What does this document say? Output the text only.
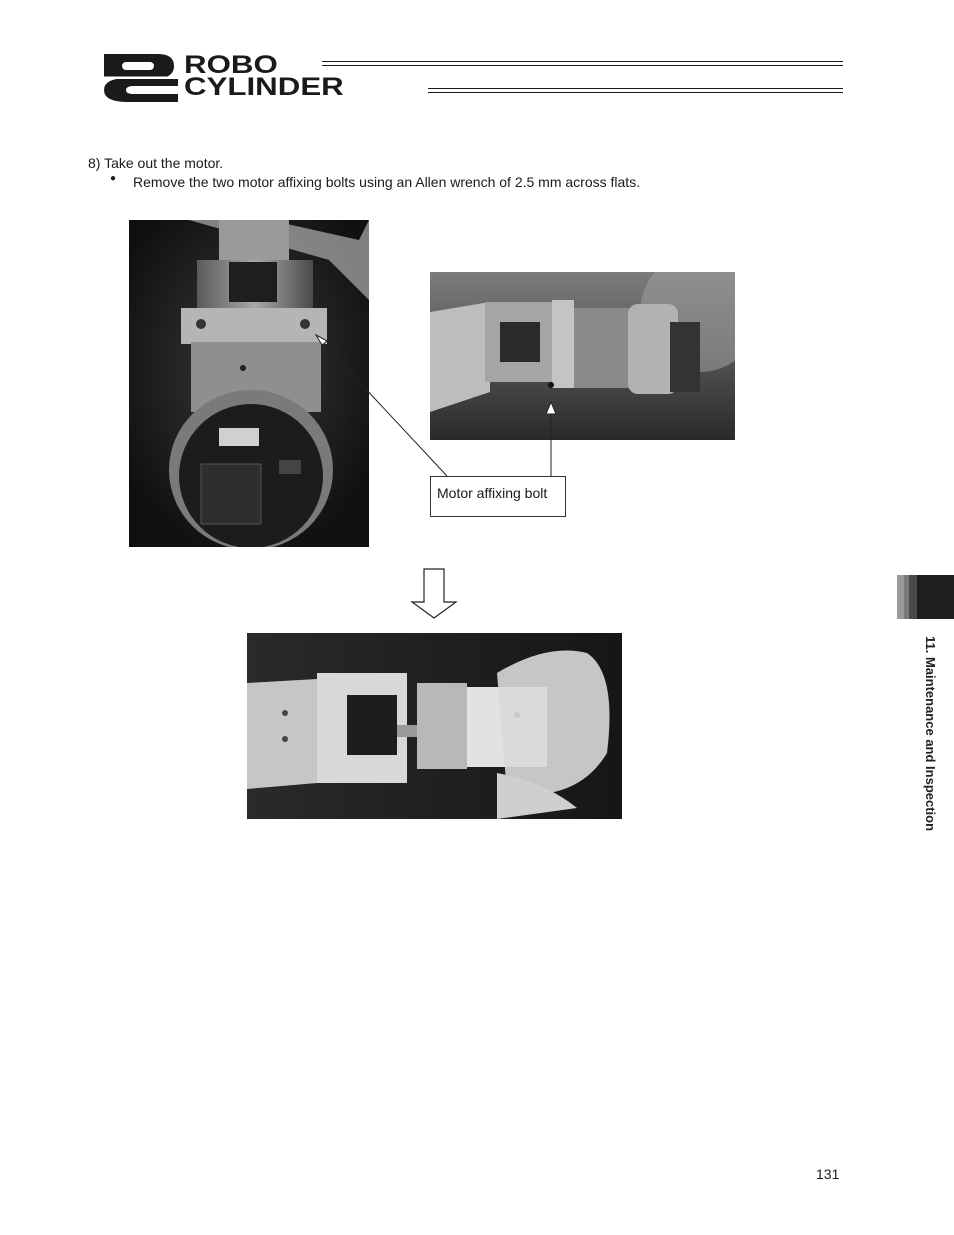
ROBO
CYLINDER
8) Take out the motor.
● Remove the two motor affixing bolts using an Allen wrench of 2.5 mm across flats.
Motor affixing bolt
11. Maintenance and Inspection
131
